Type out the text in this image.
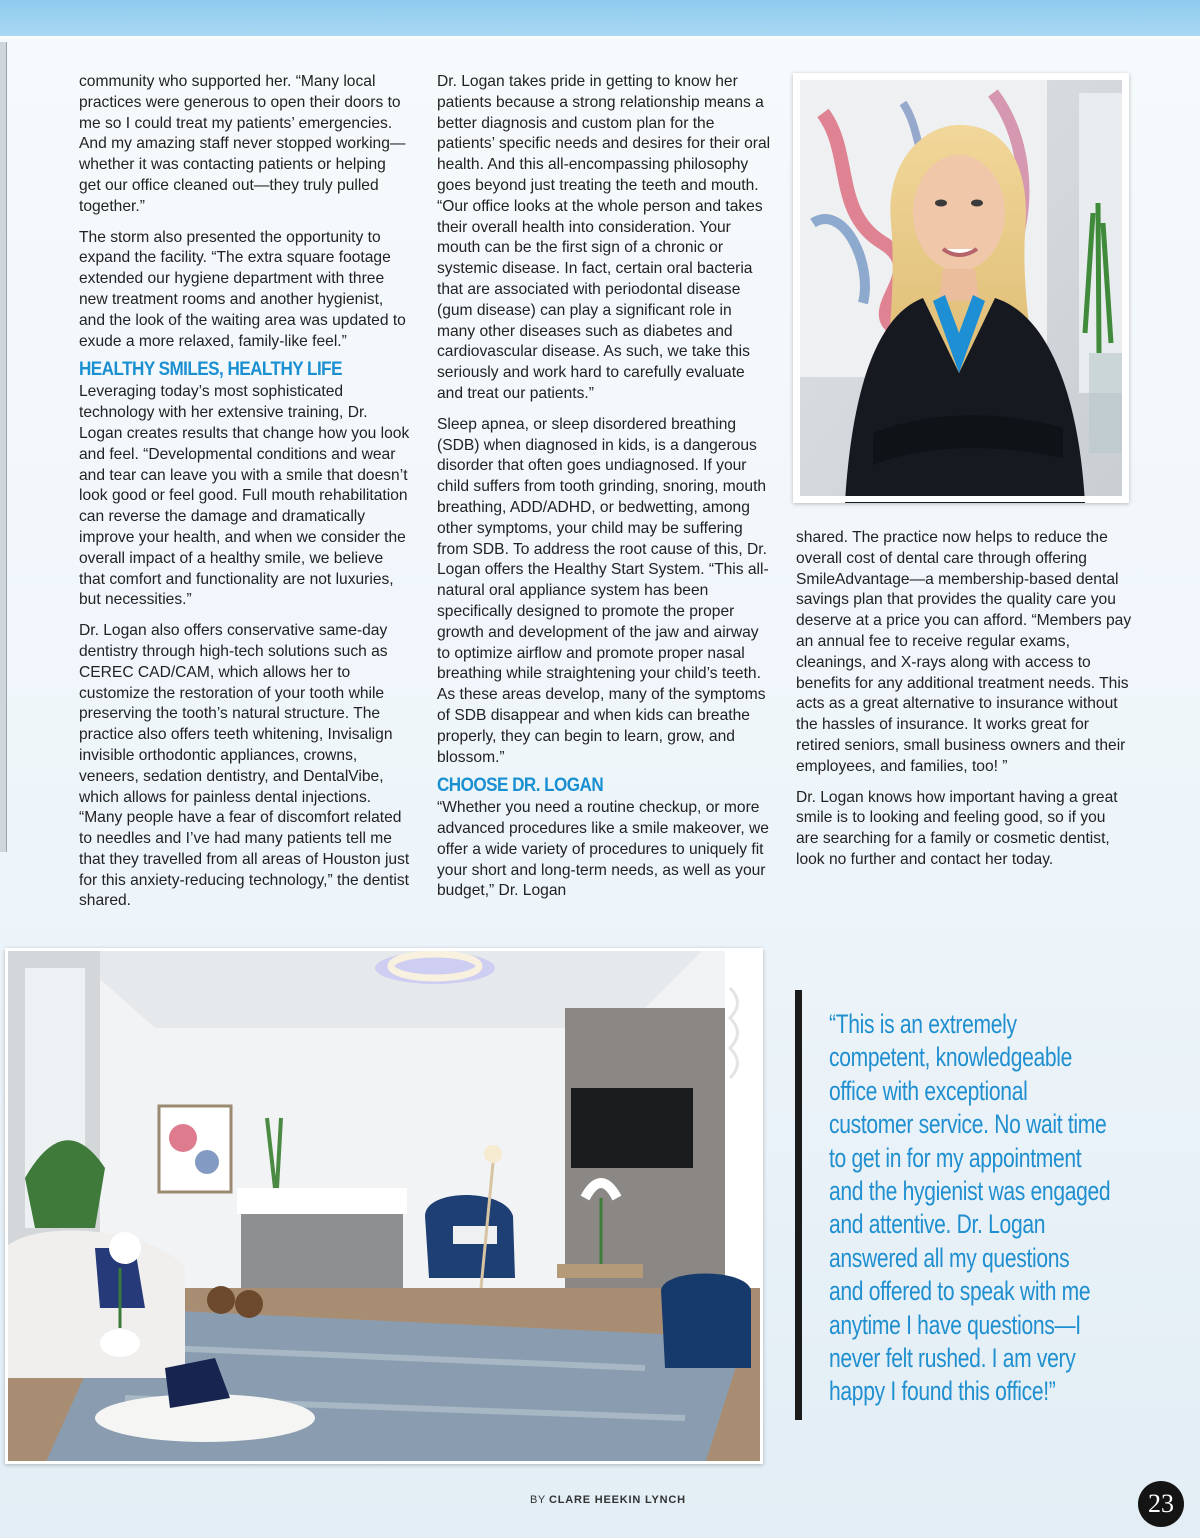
community who supported her. “Many local practices were generous to open their doors to me so I could treat my patients’ emergencies. And my amazing staff never stopped working—whether it was contacting patients or helping get our office cleaned out—they truly pulled together.”

The storm also presented the opportunity to expand the facility. “The extra square footage extended our hygiene department with three new treatment rooms and another hygienist, and the look of the waiting area was updated to exude a more relaxed, family-like feel.”

HEALTHY SMILES, HEALTHY LIFE

Leveraging today’s most sophisticated technology with her extensive training, Dr. Logan creates results that change how you look and feel. “Developmental conditions and wear and tear can leave you with a smile that doesn’t look good or feel good. Full mouth rehabilitation can reverse the damage and dramatically improve your health, and when we consider the overall impact of a healthy smile, we believe that comfort and functionality are not luxuries, but necessities.”

Dr. Logan also offers conservative same-day dentistry through high-tech solutions such as CEREC CAD/CAM, which allows her to customize the restoration of your tooth while preserving the tooth’s natural structure. The practice also offers teeth whitening, Invisalign invisible orthodontic appliances, crowns, veneers, sedation dentistry, and DentalVibe, which allows for painless dental injections. “Many people have a fear of discomfort related to needles and I’ve had many patients tell me that they travelled from all areas of Houston just for this anxiety-reducing technology,” the dentist shared.

Dr. Logan takes pride in getting to know her patients because a strong relationship means a better diagnosis and custom plan for the patients’ specific needs and desires for their oral health. And this all-encompassing philosophy goes beyond just treating the teeth and mouth. “Our office looks at the whole person and takes their overall health into consideration. Your mouth can be the first sign of a chronic or systemic disease. In fact, certain oral bacteria that are associated with periodontal disease (gum disease) can play a significant role in many other diseases such as diabetes and cardiovascular disease. As such, we take this seriously and work hard to carefully evaluate and treat our patients.”

Sleep apnea, or sleep disordered breathing (SDB) when diagnosed in kids, is a dangerous disorder that often goes undiagnosed. If your child suffers from tooth grinding, snoring, mouth breathing, ADD/ADHD, or bedwetting, among other symptoms, your child may be suffering from SDB. To address the root cause of this, Dr. Logan offers the Healthy Start System. “This all-natural oral appliance system has been specifically designed to promote the proper growth and development of the jaw and airway to optimize airflow and promote proper nasal breathing while straightening your child’s teeth. As these areas develop, many of the symptoms of SDB disappear and when kids can breathe properly, they can begin to learn, grow, and blossom.”

CHOOSE DR. LOGAN

“Whether you need a routine checkup, or more advanced procedures like a smile makeover, we offer a wide variety of procedures to uniquely fit your short and long-term needs, as well as your budget,” Dr. Logan

shared. The practice now helps to reduce the overall cost of dental care through offering SmileAdvantage—a membership-based dental savings plan that provides the quality care you deserve at a price you can afford. “Members pay an annual fee to receive regular exams, cleanings, and X-rays along with access to benefits for any additional treatment needs. This acts as a great alternative to insurance without the hassles of insurance. It works great for retired seniors, small business owners and their employees, and families, too! ”

Dr. Logan knows how important having a great smile is to looking and feeling good, so if you are searching for a family or cosmetic dentist, look no further and contact her today.

“This is an extremely
competent, knowledgeable
office with exceptional
customer service. No wait time
to get in for my appointment
and the hygienist was engaged
and attentive. Dr. Logan
answered all my questions
and offered to speak with me
anytime I have questions—I
never felt rushed. I am very
happy I found this office!”
BY CLARE HEEKIN LYNCH	23
